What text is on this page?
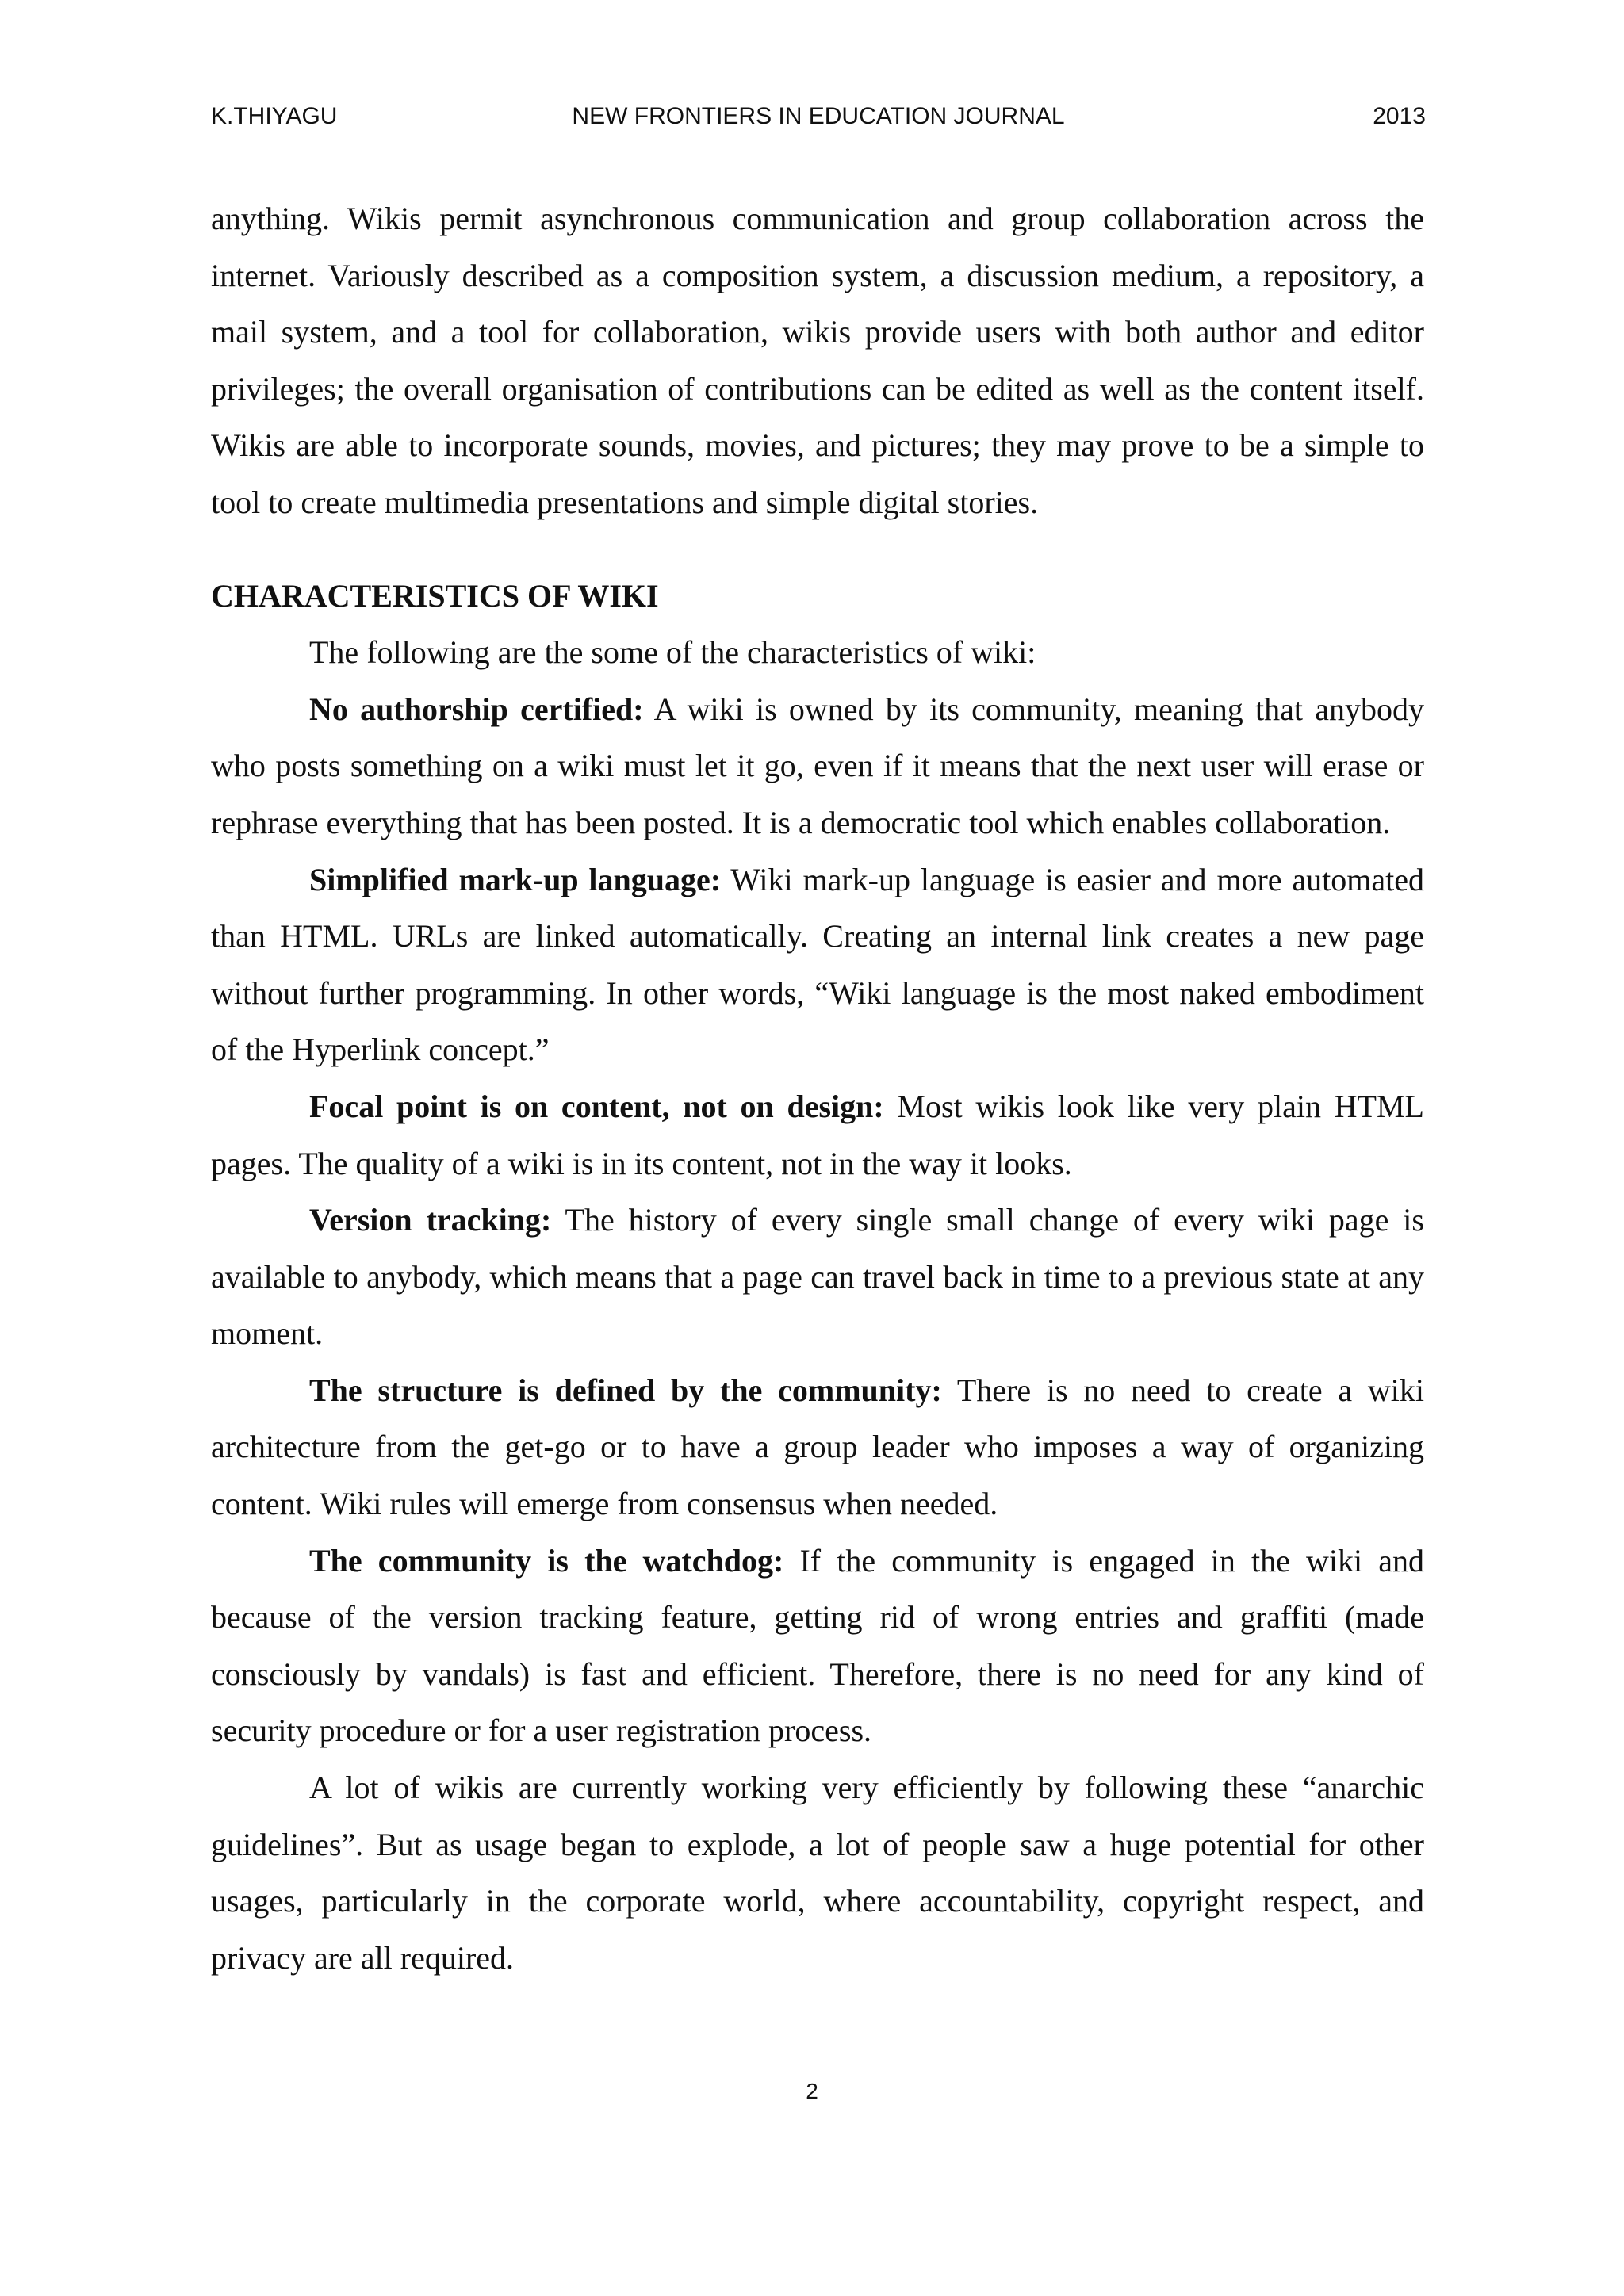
K.THIYAGU	NEW FRONTIERS IN EDUCATION JOURNAL	2013

anything. Wikis permit asynchronous communication and group collaboration across the internet. Variously described as a composition system, a discussion medium, a repository, a mail system, and a tool for collaboration, wikis provide users with both author and editor privileges; the overall organisation of contributions can be edited as well as the content itself. Wikis are able to incorporate sounds, movies, and pictures; they may prove to be a simple to tool to create multimedia presentations and simple digital stories.

CHARACTERISTICS OF WIKI

The following are the some of the characteristics of wiki:

No authorship certified: A wiki is owned by its community, meaning that anybody who posts something on a wiki must let it go, even if it means that the next user will erase or rephrase everything that has been posted. It is a democratic tool which enables collaboration.

Simplified mark-up language: Wiki mark-up language is easier and more automated than HTML. URLs are linked automatically. Creating an internal link creates a new page without further programming. In other words, “Wiki language is the most naked embodiment of the Hyperlink concept.”

Focal point is on content, not on design: Most wikis look like very plain HTML pages. The quality of a wiki is in its content, not in the way it looks.

Version tracking: The history of every single small change of every wiki page is available to anybody, which means that a page can travel back in time to a previous state at any moment.

The structure is defined by the community: There is no need to create a wiki architecture from the get-go or to have a group leader who imposes a way of organizing content. Wiki rules will emerge from consensus when needed.

The community is the watchdog: If the community is engaged in the wiki and because of the version tracking feature, getting rid of wrong entries and graffiti (made consciously by vandals) is fast and efficient. Therefore, there is no need for any kind of security procedure or for a user registration process.

A lot of wikis are currently working very efficiently by following these “anarchic guidelines”. But as usage began to explode, a lot of people saw a huge potential for other usages, particularly in the corporate world, where accountability, copyright respect, and privacy are all required.

2
